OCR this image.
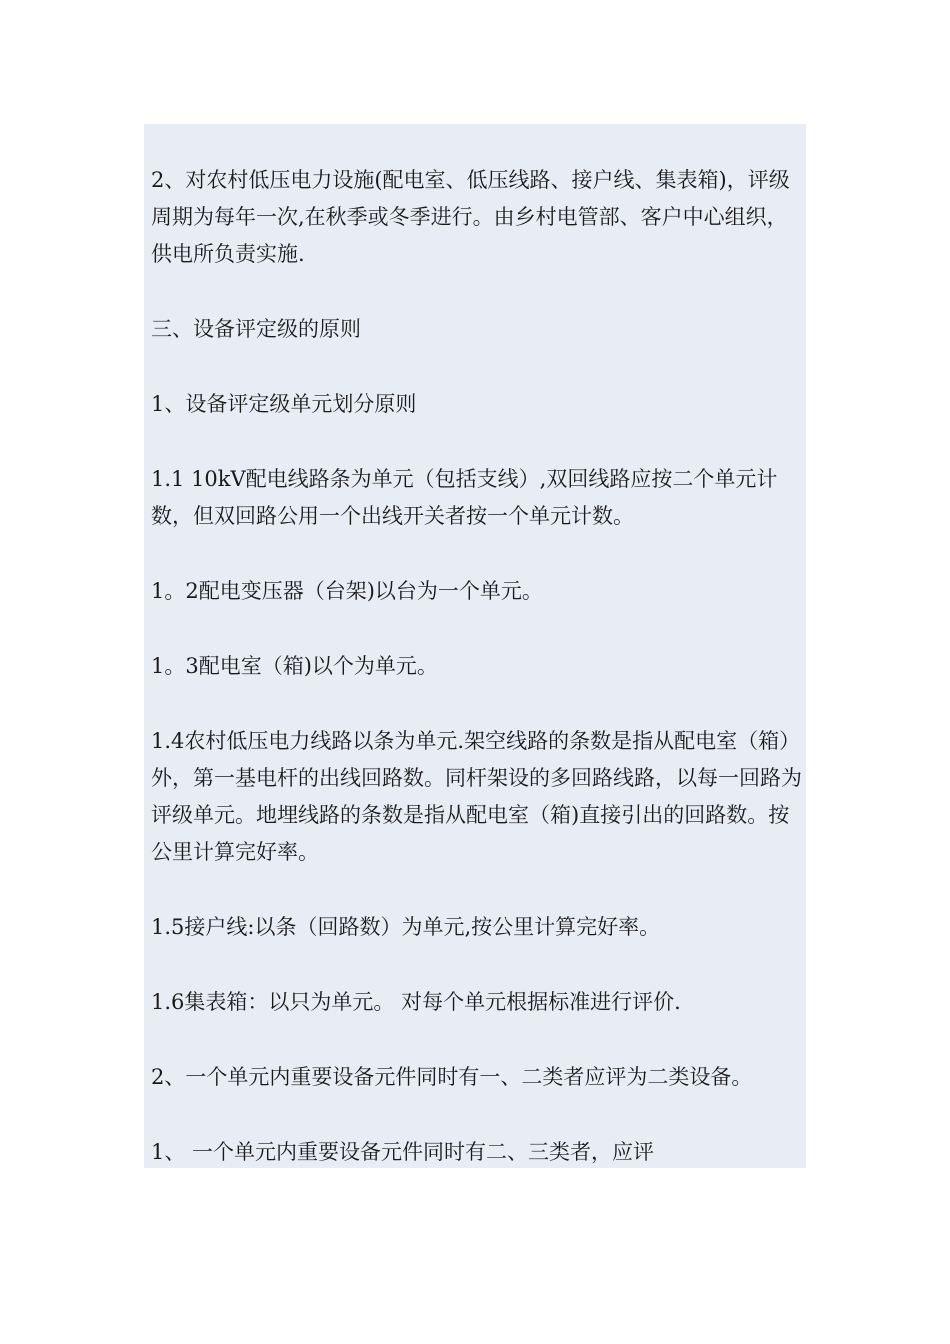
2、对农村低压电力设施(配电室、低压线路、接户线、集表箱)，评级周期为每年一次,在秋季或冬季进行。由乡村电管部、客户中心组织，供电所负责实施.

三、设备评定级的原则

1、设备评定级单元划分原则

1.1 10kV配电线路条为单元（包括支线）,双回线路应按二个单元计数，但双回路公用一个出线开关者按一个单元计数。

1。2配电变压器（台架)以台为一个单元。

1。3配电室（箱)以个为单元。

1.4农村低压电力线路以条为单元.架空线路的条数是指从配电室（箱）外，第一基电杆的出线回路数。同杆架设的多回路线路，以每一回路为评级单元。地埋线路的条数是指从配电室（箱)直接引出的回路数。按公里计算完好率。

1.5接户线:以条（回路数）为单元,按公里计算完好率。

1.6集表箱：以只为单元。 对每个单元根据标准进行评价.

2、一个单元内重要设备元件同时有一、二类者应评为二类设备。

1、 一个单元内重要设备元件同时有二、三类者，应评
